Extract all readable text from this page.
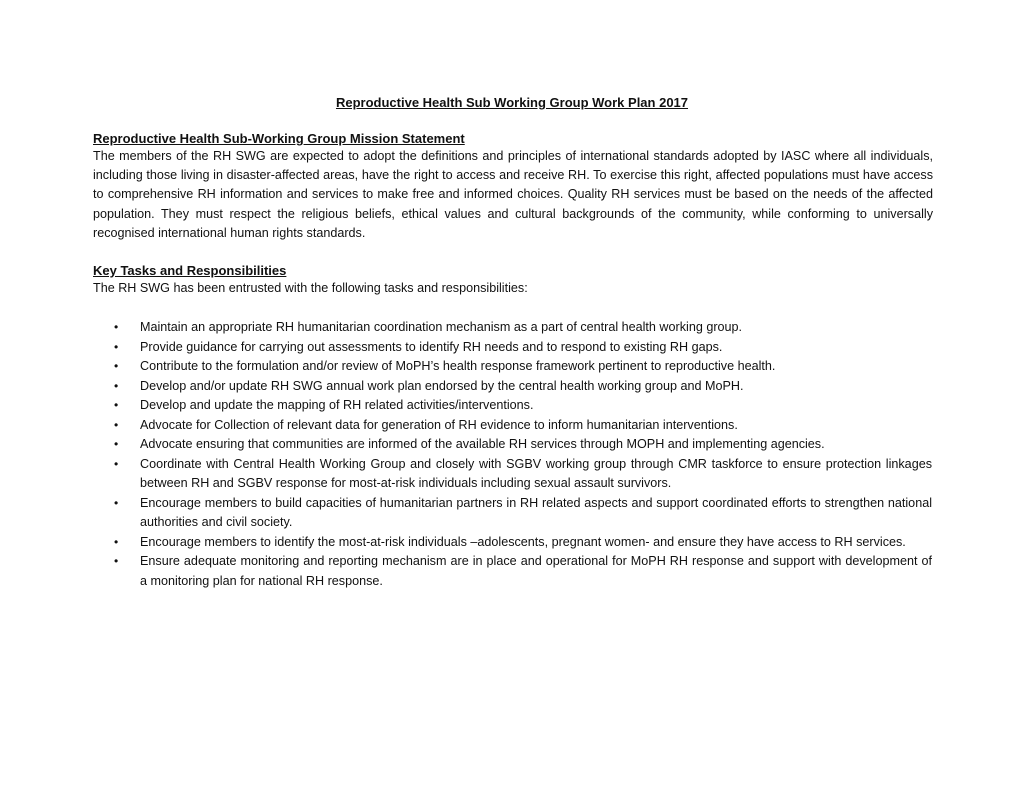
Reproductive Health Sub Working Group Work Plan 2017
Reproductive Health Sub-Working Group Mission Statement

The members of the RH SWG are expected to adopt the definitions and principles of international standards adopted by IASC where all individuals, including those living in disaster-affected areas, have the right to access and receive RH. To exercise this right, affected populations must have access to comprehensive RH information and services to make free and informed choices. Quality RH services must be based on the needs of the affected population. They must respect the religious beliefs, ethical values and cultural backgrounds of the community, while conforming to universally recognised international human rights standards.

Key Tasks and Responsibilities

The RH SWG has been entrusted with the following tasks and responsibilities:

•	Maintain an appropriate RH humanitarian coordination mechanism as a part of central health working group.
•	Provide guidance for carrying out assessments to identify RH needs and to respond to existing RH gaps.
•	Contribute to the formulation and/or review of MoPH’s health response framework pertinent to reproductive health.
•	Develop and/or update RH SWG annual work plan endorsed by the central health working group and MoPH.
•	Develop and update the mapping of RH related activities/interventions.
•	Advocate for Collection of relevant data for generation of RH evidence to inform humanitarian interventions.
•	Advocate ensuring that communities are informed of the available RH services through MOPH and implementing agencies.
•	Coordinate with Central Health Working Group and closely with SGBV working group through CMR taskforce to ensure protection linkages between RH and SGBV response for most-at-risk individuals including sexual assault survivors.
•	Encourage members to build capacities of humanitarian partners in RH related aspects and support coordinated efforts to strengthen national authorities and civil society.
•	Encourage members to identify the most-at-risk individuals –adolescents, pregnant women- and ensure they have access to RH services.
•	Ensure adequate monitoring and reporting mechanism are in place and operational for MoPH RH response and support with development of a monitoring plan for national RH response.
